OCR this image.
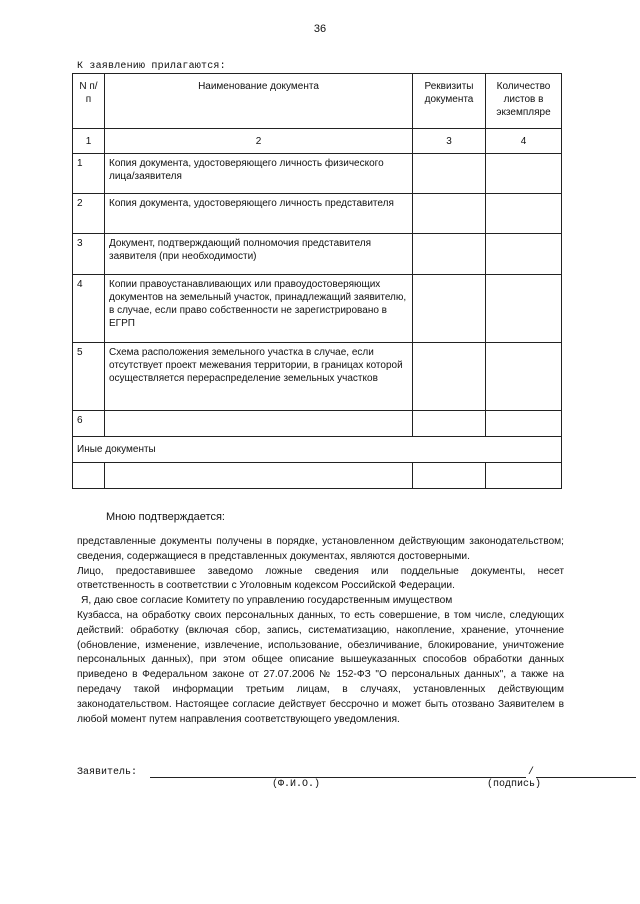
36
К заявлению прилагаются:
N п/п	Наименование документа	Реквизиты документа	Количество листов в экземпляре
1	2	3	4
1	Копия документа, удостоверяющего личность физического лица/заявителя		
2	Копия документа, удостоверяющего личность представителя		
3	Документ, подтверждающий полномочия представителя заявителя (при необходимости)		
4	Копии правоустанавливающих или правоудостоверяющих документов на земельный участок, принадлежащий заявителю, в случае, если право собственности не зарегистрировано в ЕГРП		
5	Схема расположения земельного участка в случае, если отсутствует проект межевания территории, в границах которой осуществляется перераспределение земельных участков		
6			
Иные документы			

Мною подтверждается:

представленные документы получены в порядке, установленном действующим законодательством; сведения, содержащиеся в представленных документах, являются достоверными.

Лицо, предоставившее заведомо ложные сведения или поддельные документы, несет ответственность в соответствии с Уголовным кодексом Российской Федерации.

Я, даю свое согласие Комитету по управлению государственным имуществом

Кузбасса, на обработку своих персональных данных, то есть совершение, в том числе, следующих действий: обработку (включая сбор, запись, систематизацию, накопление, хранение, уточнение (обновление, изменение, извлечение, использование, обезличивание, блокирование, уничтожение персональных данных), при этом общее описание вышеуказанных способов обработки данных приведено в Федеральном законе от 27.07.2006 № 152-ФЗ "О персональных данных", а также на передачу такой информации третьим лицам, в случаях, установленных действующим законодательством. Настоящее согласие действует бессрочно и может быть отозвано Заявителем в любой момент путем направления соответствующего уведомления.

Заявитель:	/
(Ф.И.О.)	(подпись)
